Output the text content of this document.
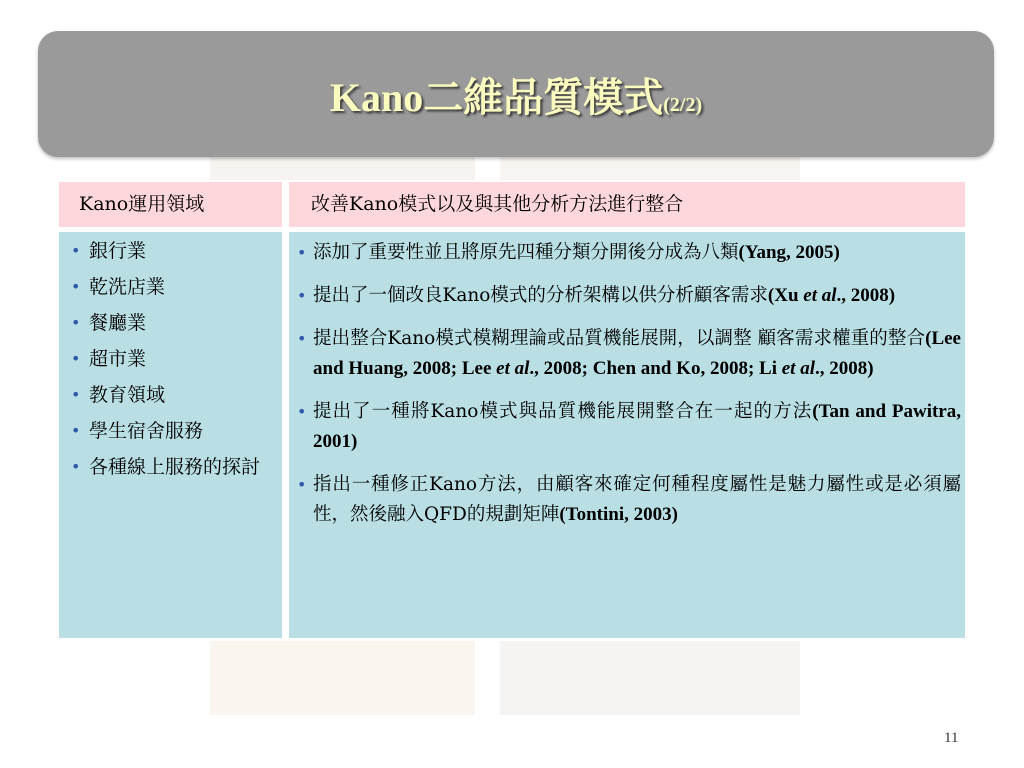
Kano二維品質模式(2/2)
Kano運用領域	改善Kano模式以及與其他分析方法進行整合
• 銀行業
• 乾洗店業
• 餐廳業
• 超市業
• 教育領域
• 學生宿舍服務
• 各種線上服務的探討
• 添加了重要性並且將原先四種分類分開後分成為八類(Yang, 2005)
• 提出了一個改良Kano模式的分析架構以供分析顧客需求(Xu et al., 2008)
• 提出整合Kano模式模糊理論或品質機能展開，以調整 顧客需求權重的整合(Lee and Huang, 2008; Lee et al., 2008; Chen and Ko, 2008; Li et al., 2008)
• 提出了一種將Kano模式與品質機能展開整合在一起的方法(Tan and Pawitra, 2001)
• 指出一種修正Kano方法，由顧客來確定何種程度屬性是魅力屬性或是必須屬性，然後融入QFD的規劃矩陣(Tontini, 2003)
11
